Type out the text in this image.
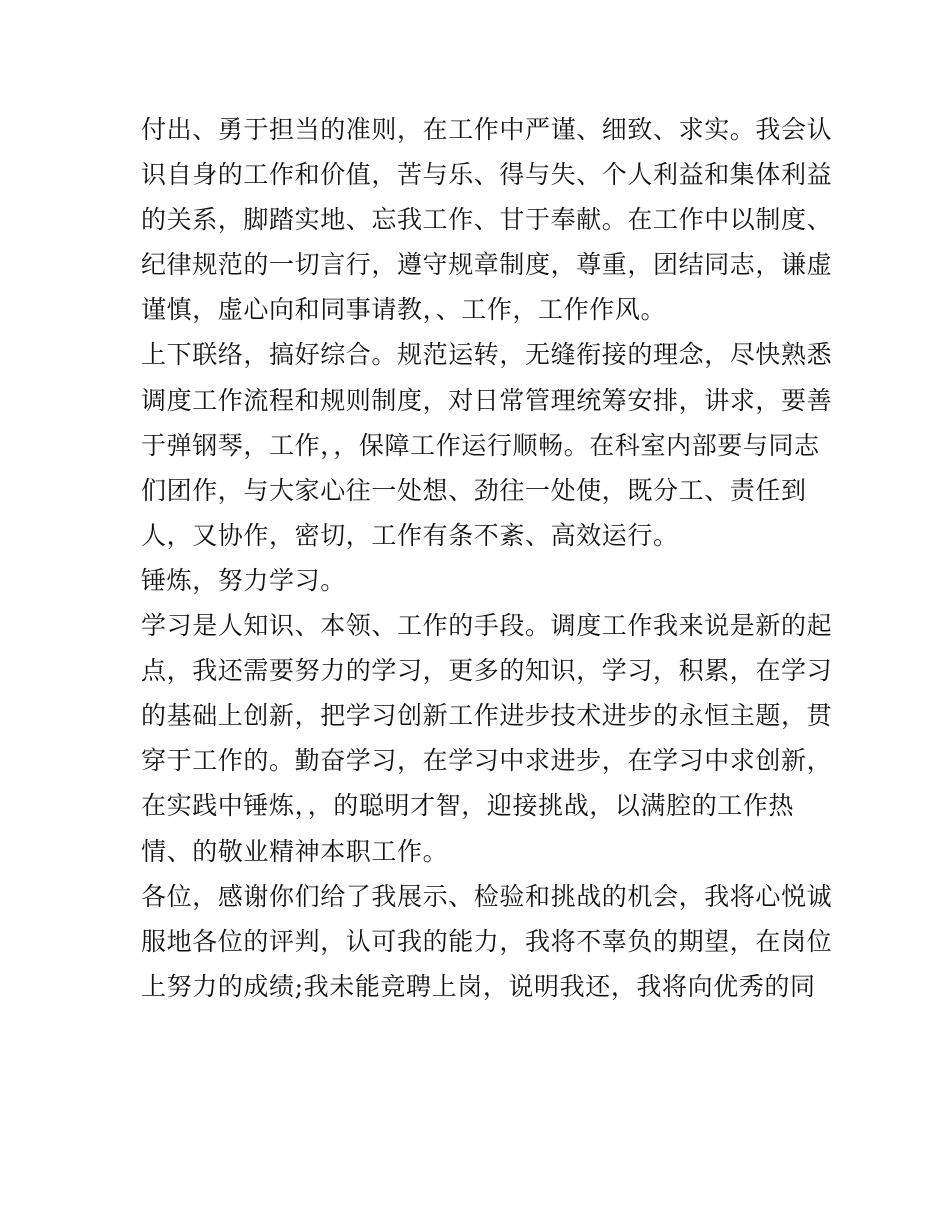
付出、勇于担当的准则，在工作中严谨、细致、求实。我会认
识自身的工作和价值，苦与乐、得与失、个人利益和集体利益
的关系，脚踏实地、忘我工作、甘于奉献。在工作中以制度、
纪律规范的一切言行，遵守规章制度，尊重，团结同志，谦虚
谨慎，虚心向和同事请教，、工作，工作作风。
上下联络，搞好综合。规范运转，无缝衔接的理念，尽快熟悉
调度工作流程和规则制度，对日常管理统筹安排，讲求，要善
于弹钢琴，工作，，保障工作运行顺畅。在科室内部要与同志
们团作，与大家心往一处想、劲往一处使，既分工、责任到
人，又协作，密切，工作有条不紊、高效运行。
锤炼，努力学习。
学习是人知识、本领、工作的手段。调度工作我来说是新的起
点，我还需要努力的学习，更多的知识，学习，积累，在学习
的基础上创新，把学习创新工作进步技术进步的永恒主题，贯
穿于工作的。勤奋学习，在学习中求进步，在学习中求创新，
在实践中锤炼，，的聪明才智，迎接挑战，以满腔的工作热
情、的敬业精神本职工作。
各位，感谢你们给了我展示、检验和挑战的机会，我将心悦诚
服地各位的评判，认可我的能力，我将不辜负的期望，在岗位
上努力的成绩;我未能竞聘上岗，说明我还，我将向优秀的同
